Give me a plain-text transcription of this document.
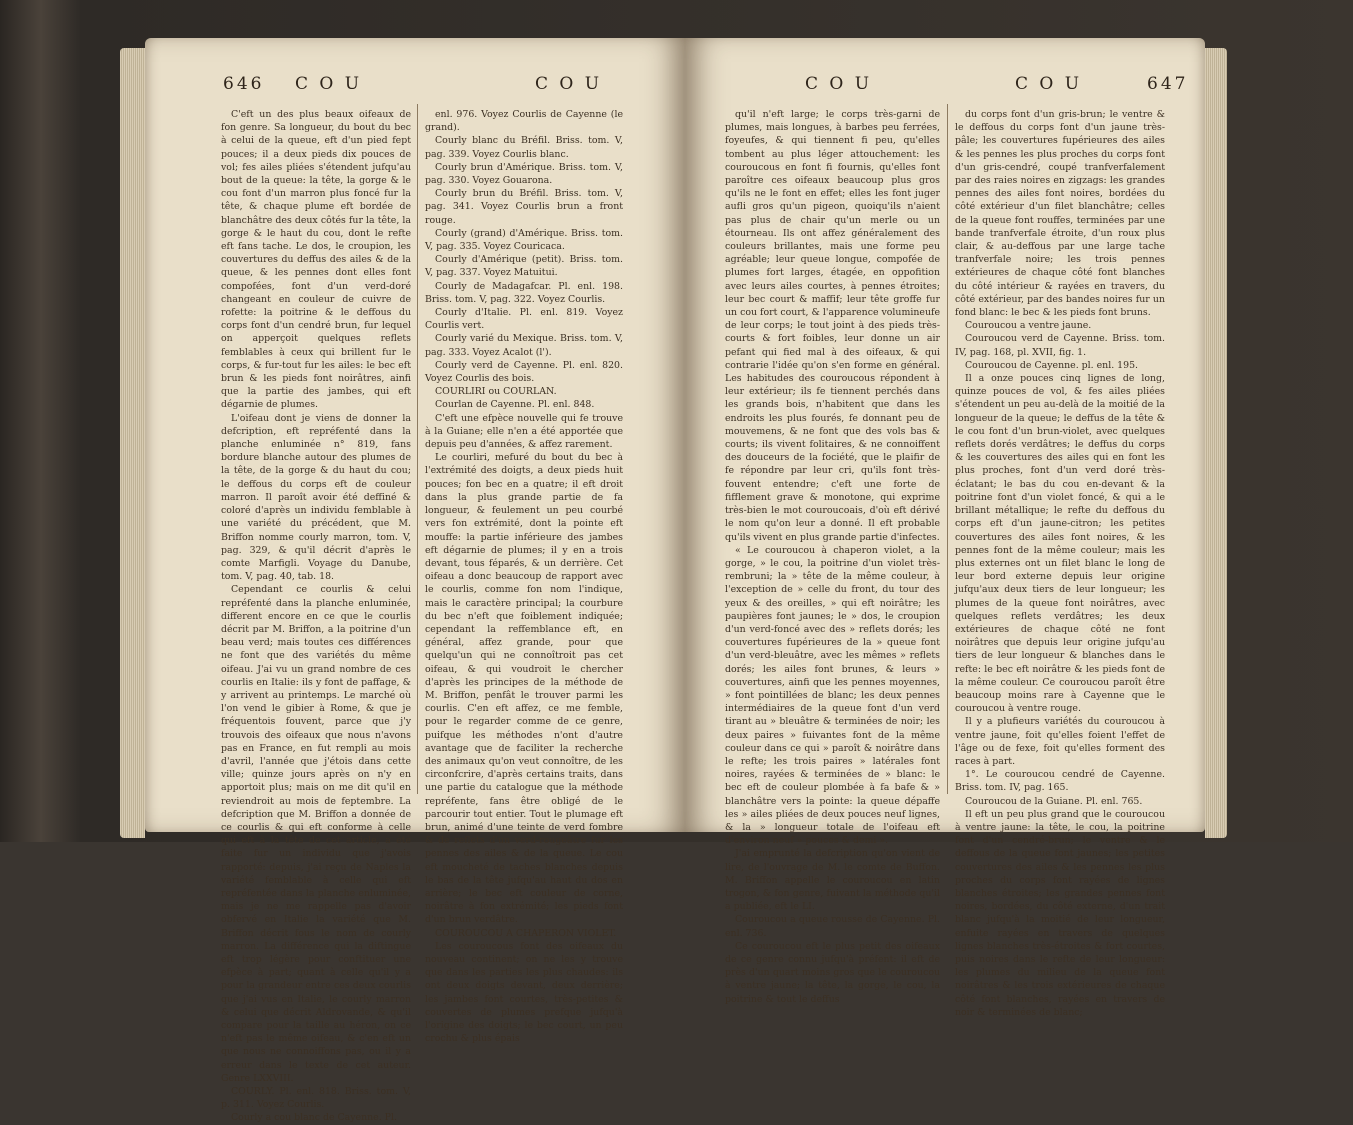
646 C O U	C O U

C'eft un des plus beaux oifeaux de fon genre. Sa longueur, du bout du bec à celui de la queue, eft d'un pied fept pouces; il a deux pieds dix pouces de vol; fes ailes pliées s'étendent jufqu'au bout de la queue: la tête, la gorge & le cou font d'un marron plus foncé fur la tête, & chaque plume eft bordée de blanchâtre des deux côtés fur la tête, la gorge & le haut du cou, dont le refte eft fans tache. Le dos, le croupion, les couvertures du deffus des ailes & de la queue, & les pennes dont elles font compofées, font d'un verd-doré changeant en couleur de cuivre de rofette: la poitrine & le deffous du corps font d'un cendré brun, fur lequel on apperçoit quelques reflets femblables à ceux qui brillent fur le corps, & fur-tout fur les ailes: le bec eft brun & les pieds font noirâtres, ainfi que la partie des jambes, qui eft dégarnie de plumes.

L'oifeau dont je viens de donner la defcription, eft repréfenté dans la planche enluminée n° 819, fans bordure blanche autour des plumes de la tête, de la gorge & du haut du cou; le deffous du corps eft de couleur marron. Il paroît avoir été deffiné & coloré d'après un individu femblable à une variété du précédent, que M. Briffon nomme courly marron, tom. V, pag. 329, & qu'il décrit d'après le comte Marfigli. Voyage du Danube, tom. V, pag. 40, tab. 18.

Cependant ce courlis & celui repréfenté dans la planche enluminée, different encore en ce que le courlis décrit par M. Briffon, a la poitrine d'un beau verd; mais toutes ces différences ne font que des variétés du même oifeau. J'ai vu un grand nombre de ces courlis en Italie: ils y font de paffage, & y arrivent au printemps. Le marché où l'on vend le gibier à Rome, & que je fréquentois fouvent, parce que j'y trouvois des oifeaux que nous n'avons pas en France, en fut rempli au mois d'avril, l'année que j'étois dans cette ville; quinze jours après on n'y en apportoit plus; mais on me dit qu'il en reviendroit au mois de feptembre. La defcription que M. Briffon a donnée de ce courlis & qui eft conforme à celle qui eft à la tête de cet article, a été faite fur un individu que j'avois rapporté: depuis, j'ai reçu de Naples la variété femblable à celle qui eft repréfentée dans la planche enluminée, mais je ne me rappelle pas d'avoir obfervé en Italie la variété que M. Briffon décrit fous le nom de courly marron. La différence qui la diftingue eft trop légère pour conftituer une efpèce à part; quant à celle qu'il y a pour la grandeur entre ces deux courlis que j'ai vus en Italie, le courly marron & celui que décrit Aldrovande, & qu'il compare pour la taille au héron, on ce n'eft pas le même oifeau, & c'en eft un que nous ne connoiffons pas, ou il y a erreur dans le texte de cet auteur. Genre LXXVIII.

COURLY. Pl. enl. 818. Briss. tom. V, p. 311. Voyez Courlis.

Courly a cou blanc de Cayenne. Pl.

enl. 976. Voyez Courlis de Cayenne (le grand).

Courly blanc du Bréfil. Briss. tom. V, pag. 339. Voyez Courlis blanc.

Courly brun d'Amérique. Briss. tom. V, pag. 330. Voyez Gouarona.

Courly brun du Bréfil. Briss. tom. V, pag. 341. Voyez Courlis brun a front rouge.

Courly (grand) d'Amérique. Briss. tom. V, pag. 335. Voyez Couricaca.

Courly d'Amérique (petit). Briss. tom. V, pag. 337. Voyez Matuitui.

Courly de Madagafcar. Pl. enl. 198. Briss. tom. V, pag. 322. Voyez Courlis.

Courly d'Italie. Pl. enl. 819. Voyez Courlis vert.

Courly varié du Mexique. Briss. tom. V, pag. 333. Voyez Acalot (l').

Courly verd de Cayenne. Pl. enl. 820. Voyez Courlis des bois.

COURLIRI ou COURLAN.

Courlan de Cayenne. Pl. enl. 848.

C'eft une efpèce nouvelle qui fe trouve à la Guiane; elle n'en a été apportée que depuis peu d'années, & affez rarement.

Le courliri, mefuré du bout du bec à l'extrémité des doigts, a deux pieds huit pouces; fon bec en a quatre; il eft droit dans la plus grande partie de fa longueur, & feulement un peu courbé vers fon extrémité, dont la pointe eft mouffe: la partie inférieure des jambes eft dégarnie de plumes; il y en a trois devant, tous féparés, & un derrière. Cet oifeau a donc beaucoup de rapport avec le courlis, comme fon nom l'indique, mais le caractère principal; la courbure du bec n'eft que foiblement indiquée; cependant la reffemblance eft, en général, affez grande, pour que quelqu'un qui ne connoîtroit pas cet oifeau, & qui voudroit le chercher d'après les principes de la méthode de M. Briffon, penfât le trouver parmi les courlis. C'en eft affez, ce me femble, pour le regarder comme de ce genre, puifque les méthodes n'ont d'autre avantage que de faciliter la recherche des animaux qu'on veut connoître, de les circonfcrire, d'après certains traits, dans une partie du catalogue que la méthode repréfente, fans être obligé de le parcourir tout entier. Tout le plumage eft brun, animé d'une teinte de verd fombre & de reflets d'un verd-rougeâtre fur les pennes des ailes & de la queue. Le cou eft moucheté de taches blanches depuis le bas de la tête jufqu'au haut du dos en arrière; le bec eft couleur de corne, noirâtre à fon extrémité; les pieds font d'un brun verdâtre.

COUROUCOU A CHAPERON VIOLET.

Les couroucous font des oifeaux du nouveau continent; on ne les y trouve que dans les parties les plus chaudes: ils ont deux doigts devant, deux derrière; les jambes font courtes, très-petites & couvertes de plumes prefque jufqu'à l'origine des doigts; le bec court, un peu crochu & plus épais

C O U	C O U	647

qu'il n'eft large; le corps très-garni de plumes, mais longues, à barbes peu ferrées, foyeufes, & qui tiennent fi peu, qu'elles tombent au plus léger attouchement: les couroucous en font fi fournis, qu'elles font paroître ces oifeaux beaucoup plus gros qu'ils ne le font en effet; elles les font juger aufli gros qu'un pigeon, quoiqu'ils n'aient pas plus de chair qu'un merle ou un étourneau. Ils ont affez généralement des couleurs brillantes, mais une forme peu agréable; leur queue longue, compofée de plumes fort larges, étagée, en oppofition avec leurs ailes courtes, à pennes étroites; leur bec court & maffif; leur tête groffe fur un cou fort court, & l'apparence volumineufe de leur corps; le tout joint à des pieds très-courts & fort foibles, leur donne un air pefant qui fied mal à des oifeaux, & qui contrarie l'idée qu'on s'en forme en général. Les habitudes des couroucous répondent à leur extérieur; ils fe tiennent perchés dans les grands bois, n'habitent que dans les endroits les plus fourés, fe donnant peu de mouvemens, & ne font que des vols bas & courts; ils vivent folitaires, & ne connoiffent des douceurs de la fociété, que le plaifir de fe répondre par leur cri, qu'ils font très-fouvent entendre; c'eft une forte de fifflement grave & monotone, qui exprime très-bien le mot couroucoais, d'où eft dérivé le nom qu'on leur a donné. Il eft probable qu'ils vivent en plus grande partie d'infectes.

« Le couroucou à chaperon violet, a la gorge, » le cou, la poitrine d'un violet très-rembruni; la » tête de la même couleur, à l'exception de » celle du front, du tour des yeux & des oreilles, » qui eft noirâtre; les paupières font jaunes; le » dos, le croupion d'un verd-foncé avec des » reflets dorés; les couvertures fupérieures de la » queue font d'un verd-bleuâtre, avec les mêmes » reflets dorés; les ailes font brunes, & leurs » couvertures, ainfi que les pennes moyennes, » font pointillées de blanc; les deux pennes intermédiaires de la queue font d'un verd tirant au » bleuâtre & terminées de noir; les deux paires » fuivantes font de la même couleur dans ce qui » paroît & noirâtre dans le refte; les trois paires » latérales font noires, rayées & terminées de » blanc: le bec eft de couleur plombée à fa bafe & » blanchâtre vers la pointe: la queue dépaffe les » ailes pliées de deux pouces neuf lignes, & la » longueur totale de l'oifeau eft d'environ neuf » pouces & demi ».

J'ai emprunté la defcription qu'on vient de lire, de l'ouvrage de M. le comte de Buffon. M. Briffon appelle le couroucou en latin trogon, & fon genre, fuivant la méthode qu'il a publiée, eft le LI.

Couroucou a queue rousse de Cayenne. Pl. enl. 736.

Ce couroucou eft le plus petit des oifeaux de ce genre connu jufqu'à préfent: il eft de près d'un quart moins gros que le couroucou à ventre jaune; la tête, la gorge, le cou, la poitrine & tout le deffus

du corps font d'un gris-brun; le ventre & le deffous du corps font d'un jaune très-pâle; les couvertures fupérieures des ailes & les pennes les plus proches du corps font d'un gris-cendré, coupé tranfverfalement par des raies noires en zigzags: les grandes pennes des ailes font noires, bordées du côté extérieur d'un filet blanchâtre; celles de la queue font rouffes, terminées par une bande tranfverfale étroite, d'un roux plus clair, & au-deffous par une large tache tranfverfale noire; les trois pennes extérieures de chaque côté font blanches du côté intérieur & rayées en travers, du côté extérieur, par des bandes noires fur un fond blanc: le bec & les pieds font bruns.

Couroucou a ventre jaune.

Couroucou verd de Cayenne. Briss. tom. IV, pag. 168, pl. XVII, fig. 1.

Couroucou de Cayenne. pl. enl. 195.

Il a onze pouces cinq lignes de long, quinze pouces de vol, & fes ailes pliées s'étendent un peu au-delà de la moitié de la longueur de la queue; le deffus de la tête & le cou font d'un brun-violet, avec quelques reflets dorés verdâtres; le deffus du corps & les couvertures des ailes qui en font les plus proches, font d'un verd doré très-éclatant; le bas du cou en-devant & la poitrine font d'un violet foncé, & qui a le brillant métallique; le refte du deffous du corps eft d'un jaune-citron; les petites couvertures des ailes font noires, & les pennes font de la même couleur; mais les plus externes ont un filet blanc le long de leur bord externe depuis leur origine jufqu'aux deux tiers de leur longueur; les plumes de la queue font noirâtres, avec quelques reflets verdâtres; les deux extérieures de chaque côté ne font noirâtres que depuis leur origine jufqu'au tiers de leur longueur & blanches dans le refte: le bec eft noirâtre & les pieds font de la même couleur. Ce couroucou paroît être beaucoup moins rare à Cayenne que le couroucou à ventre rouge.

Il y a plufieurs variétés du couroucou à ventre jaune, foit qu'elles foient l'effet de l'âge ou de fexe, foit qu'elles forment des races à part.

1°. Le couroucou cendré de Cayenne. Briss. tom. IV, pag. 165.

Couroucou de la Guiane. Pl. enl. 765.

Il eft un peu plus grand que le couroucou à ventre jaune: la tête, le cou, la poitrine font d'un cendré-brun; le ventre & le deffous de la queue font jaunes; les petites couvertures des ailes & les pennes les plus proches du corps font rayées de lignes blanches étroites; les grandes pennes font noires, bordées, du côté externe, d'un trait blanc jufqu'à la moitié de leur longueur, enfuite rayées en travers de quelques lignes blanches très-étroites & fort courtes, puis noires dans le refte de leur longueur: les plumes du milieu de la queue font noirâtres & les trois extérieures de chaque côté font blanches, rayées en travers de noir & terminées de blanc;
